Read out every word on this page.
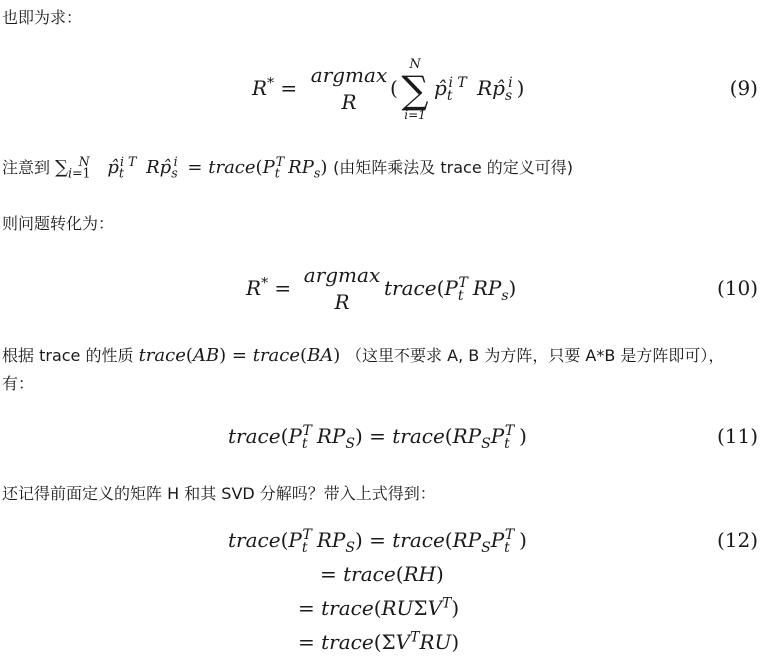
也即为求：
R* =
argmax
R
(
N
∑
i=1
$p̂_t^{i T}$ $Rp̂_s^i$ )	(9)
注意到 $\sum_{i=1}^N$ $p̂_t^{i T}$ $Rp̂_s^i$ = $trace(P_t^T$ $RP_s$) (由矩阵乘法及 trace 的定义可得)
则问题转化为：
R* =
argmax
R
$trace(P_t^T$ $RP_s$)	(10)
根据 trace 的性质 trace(AB) = trace(BA) （这里不要求 A, B 为方阵，只要 A*B 是方阵即可），有：
$trace(P_t^T$ $RP_S$) = $trace(RP_SP_t^T$ )	(11)
还记得前面定义的矩阵 H 和其 SVD 分解吗？带入上式得到：
$trace(P_t^T$ $RP_S$) = $trace(RP_SP_t^T$ )
= trace(RH)
= $trace(RU\Sigma V^T)$
= $trace(\Sigma V^TRU)$
(12)
